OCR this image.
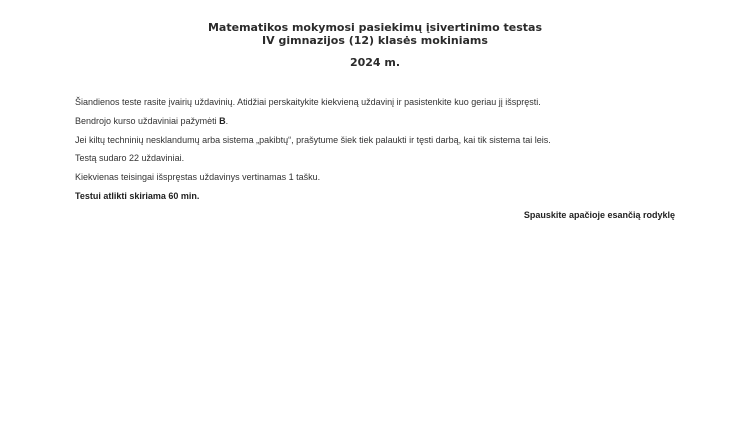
Matematikos mokymosi pasiekimų įsivertinimo testas
IV gimnazijos (12) klasės mokiniams
2024 m.

Šiandienos teste rasite įvairių uždavinių. Atidžiai perskaitykite kiekvieną uždavinį ir pasistenkite kuo geriau jį išspręsti.

Bendrojo kurso uždaviniai pažymėti B.

Jei kiltų techninių nesklandumų arba sistema „pakibtų“, prašytume šiek tiek palaukti ir tęsti darbą, kai tik sistema tai leis.

Testą sudaro 22 uždaviniai.

Kiekvienas teisingai išspręstas uždavinys vertinamas 1 tašku.

Testui atlikti skiriama 60 min.

Spauskite apačioje esančią rodyklę
